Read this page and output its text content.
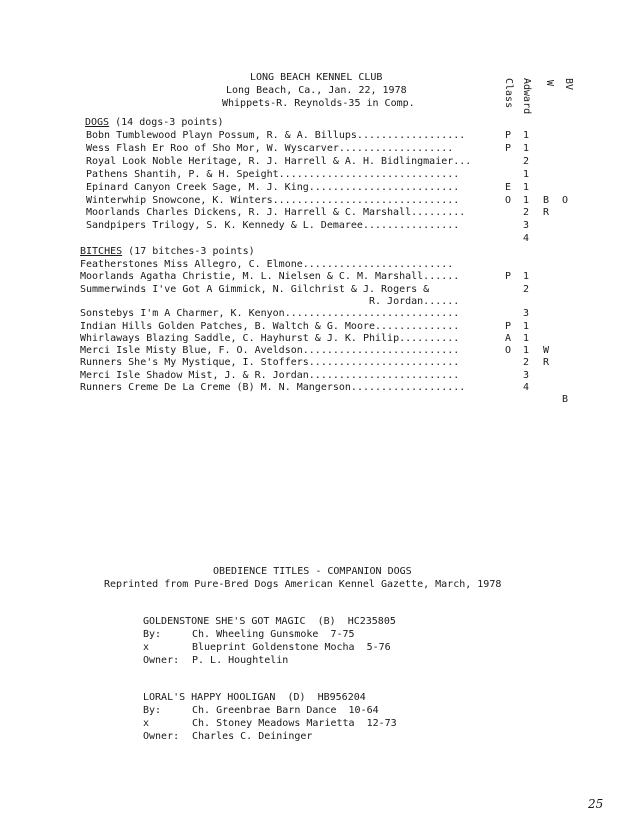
LONG BEACH KENNEL CLUB
Long Beach, Ca., Jan. 22, 1978
Whippets-R. Reynolds-35 in Comp.	Class Adward W BV
DOGS (14 dogs-3 points)
Bobn Tumblewood Playn Possum, R. & A. Billups..................	P 1
Wess Flash Er Roo of Sho Mor, W. Wyscarver...................	P 1
Royal Look Noble Heritage, R. J. Harrell & A. H. Bidlingmaier...	2
Pathens Shantih, P. & H. Speight..............................	1
Epinard Canyon Creek Sage, M. J. King.........................	E 1
Winterwhip Snowcone, K. Winters...............................	O 1 B O
Moorlands Charles Dickens, R. J. Harrell & C. Marshall.........	2 R
Sandpipers Trilogy, S. K. Kennedy & L. Demaree................	3
4
BITCHES (17 bitches-3 points)
Featherstones Miss Allegro, C. Elmone.........................
Moorlands Agatha Christie, M. L. Nielsen & C. M. Marshall......	P 1
Summerwinds I've Got A Gimmick, N. Gilchrist & J. Rogers &	2
R. Jordan......
Sonstebys I'm A Charmer, K. Kenyon.............................	3
Indian Hills Golden Patches, B. Waltch & G. Moore..............	P 1
Whirlaways Blazing Saddle, C. Hayhurst & J. K. Philip..........	A 1
Merci Isle Misty Blue, F. O. Aveldson..........................	O 1 W
Runners She's My Mystique, I. Stoffers.........................	2 R
Merci Isle Shadow Mist, J. & R. Jordan.........................	3
Runners Creme De La Creme (B) M. N. Mangerson...................	4
B
OBEDIENCE TITLES - COMPANION DOGS
Reprinted from Pure-Bred Dogs American Kennel Gazette, March, 1978
GOLDENSTONE SHE'S GOT MAGIC  (B)  HC235805
By:	Ch. Wheeling Gunsmoke  7-75
x	Blueprint Goldenstone Mocha  5-76
Owner: P. L. Houghtelin
LORAL'S HAPPY HOOLIGAN  (D)  HB956204
By:	Ch. Greenbrae Barn Dance  10-64
x	Ch. Stoney Meadows Marietta  12-73
Owner: Charles C. Deininger
25
